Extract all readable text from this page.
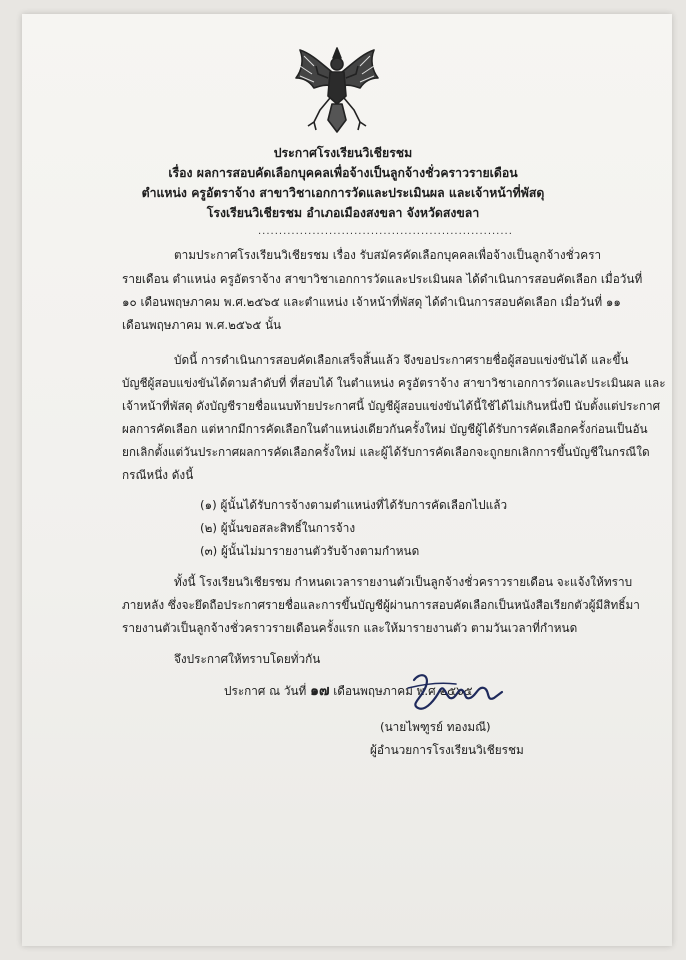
ประกาศโรงเรียนวิเชียรชม
เรื่อง ผลการสอบคัดเลือกบุคคลเพื่อจ้างเป็นลูกจ้างชั่วคราวรายเดือน
ตำแหน่ง ครูอัตราจ้าง สาขาวิชาเอกการวัดและประเมินผล และเจ้าหน้าที่พัสดุ
โรงเรียนวิเชียรชม อำเภอเมืองสงขลา จังหวัดสงขลา
.............................................................
ตามประกาศโรงเรียนวิเชียรชม เรื่อง รับสมัครคัดเลือกบุคคลเพื่อจ้างเป็นลูกจ้างชั่วครา
รายเดือน ตำแหน่ง ครูอัตราจ้าง สาขาวิชาเอกการวัดและประเมินผล ได้ดำเนินการสอบคัดเลือก เมื่อวันที่
๑๐ เดือนพฤษภาคม พ.ศ.๒๕๖๕ และตำแหน่ง เจ้าหน้าที่พัสดุ ได้ดำเนินการสอบคัดเลือก เมื่อวันที่ ๑๑
เดือนพฤษภาคม พ.ศ.๒๕๖๕ นั้น
บัดนี้ การดำเนินการสอบคัดเลือกเสร็จสิ้นแล้ว จึงขอประกาศรายชื่อผู้สอบแข่งขันได้ และขึ้น
บัญชีผู้สอบแข่งขันได้ตามลำดับที่ ที่สอบได้ ในตำแหน่ง ครูอัตราจ้าง สาขาวิชาเอกการวัดและประเมินผล และ
เจ้าหน้าที่พัสดุ ดังบัญชีรายชื่อแนบท้ายประกาศนี้ บัญชีผู้สอบแข่งขันได้นี้ใช้ได้ไม่เกินหนึ่งปี นับตั้งแต่ประกาศ
ผลการคัดเลือก แต่หากมีการคัดเลือกในตำแหน่งเดียวกันครั้งใหม่ บัญชีผู้ได้รับการคัดเลือกครั้งก่อนเป็นอัน
ยกเลิกตั้งแต่วันประกาศผลการคัดเลือกครั้งใหม่ และผู้ได้รับการคัดเลือกจะถูกยกเลิกการขึ้นบัญชีในกรณีใด
กรณีหนึ่ง ดังนี้
(๑) ผู้นั้นได้รับการจ้างตามตำแหน่งที่ได้รับการคัดเลือกไปแล้ว
(๒) ผู้นั้นขอสละสิทธิ์ในการจ้าง
(๓) ผู้นั้นไม่มารายงานตัวรับจ้างตามกำหนด
ทั้งนี้ โรงเรียนวิเชียรชม กำหนดเวลารายงานตัวเป็นลูกจ้างชั่วคราวรายเดือน จะแจ้งให้ทราบ
ภายหลัง ซึ่งจะยึดถือประกาศรายชื่อและการขึ้นบัญชีผู้ผ่านการสอบคัดเลือกเป็นหนังสือเรียกตัวผู้มีสิทธิ์มา
รายงานตัวเป็นลูกจ้างชั่วคราวรายเดือนครั้งแรก และให้มารายงานตัว ตามวันเวลาที่กำหนด
จึงประกาศให้ทราบโดยทั่วกัน
ประกาศ ณ วันที่ ๑๗ เดือนพฤษภาคม พ.ศ.๒๕๖๕
(นายไพฑูรย์ ทองมณี)
ผู้อำนวยการโรงเรียนวิเชียรชม
